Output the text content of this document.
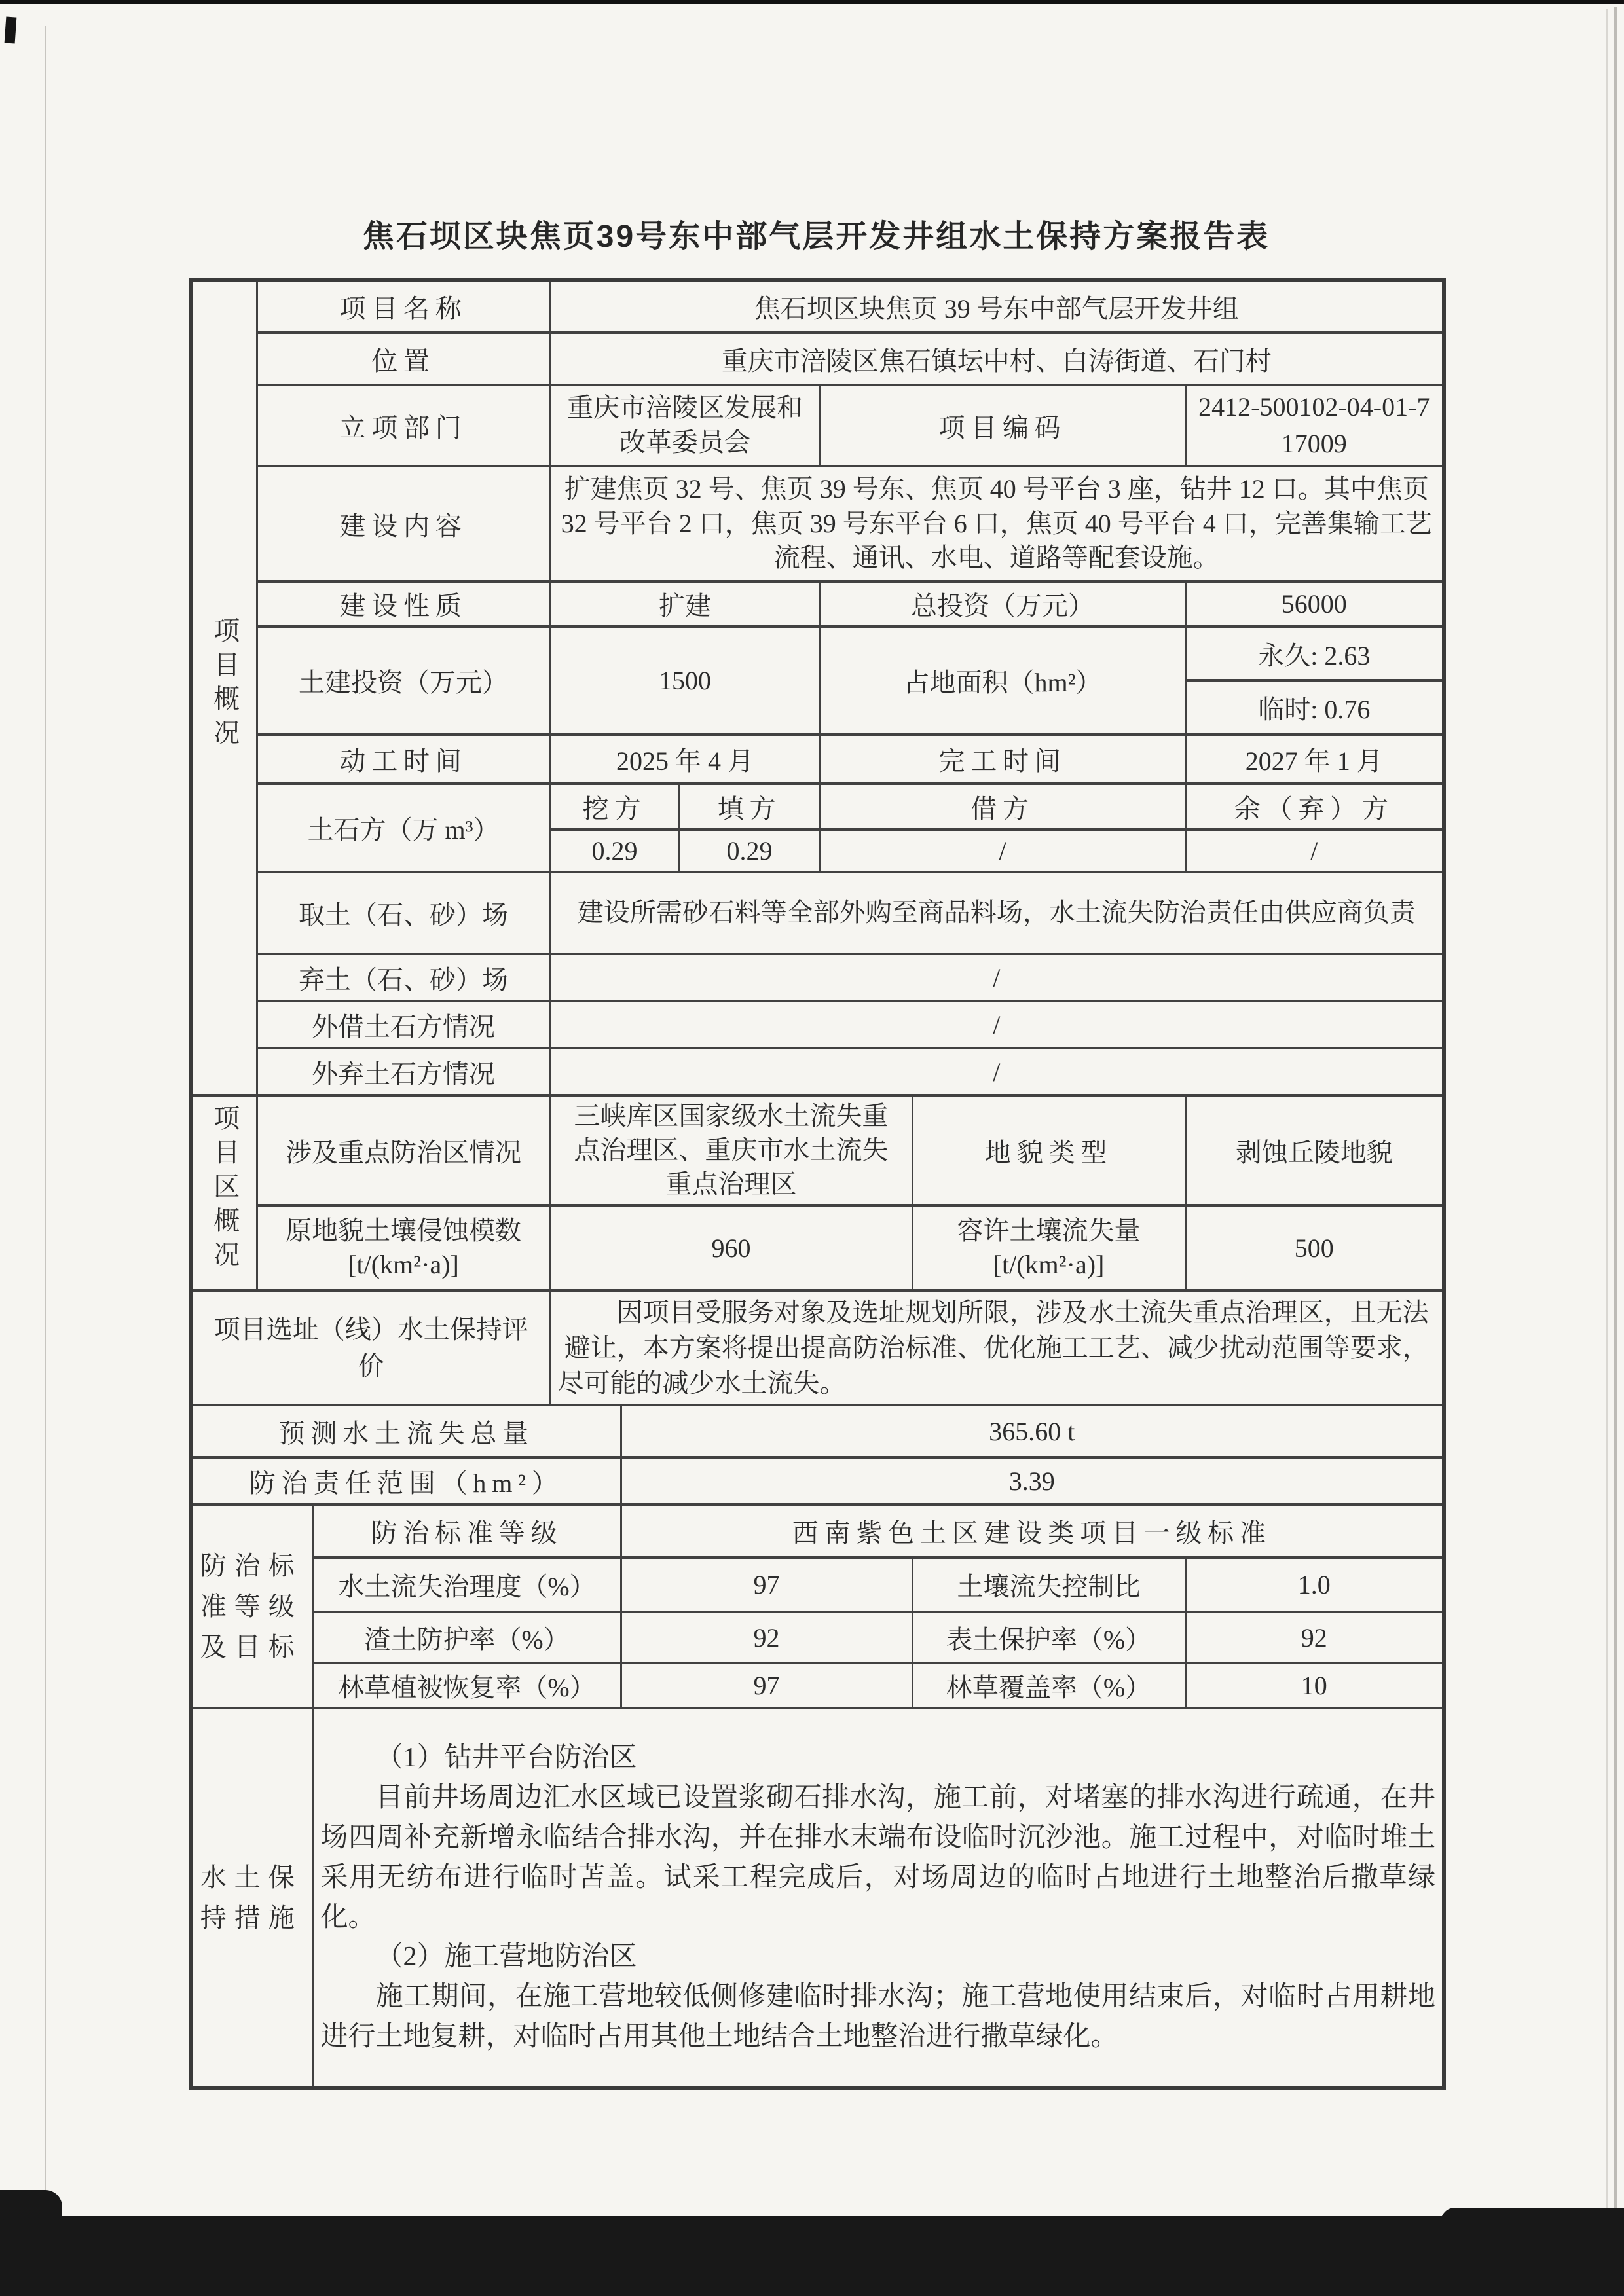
焦石坝区块焦页39号东中部气层开发井组水土保持方案报告表
项目概况	项目名称		焦石坝区块焦页 39 号东中部气层开发井组					
	位置		重庆市涪陵区焦石镇坛中村、白涛街道、石门村					
	立项部门		重庆市涪陵区发展和改革委员会			项目编码		2412-500102-04-01-717009
	建设内容		扩建焦页 32 号、焦页 39 号东、焦页 40 号平台 3 座，钻井 12 口。其中焦页 32 号平台 2 口，焦页 39 号东平台 6 口，焦页 40 号平台 4 口，完善集输工艺流程、通讯、水电、道路等配套设施。					
	建设性质		扩建			总投资（万元）		56000
	土建投资（万元）		1500			占地面积（hm²）		永久: 2.63
								临时: 0.76
	动工时间		2025 年 4 月			完工时间		2027 年 1 月
	土石方（万 m³）		挖方		填方	借方		余（弃）方
			0.29		0.29	/		/
	取土（石、砂）场		建设所需砂石料等全部外购至商品料场，水土流失防治责任由供应商负责					
	弃土（石、砂）场		/					
	外借土石方情况		/					
	外弃土石方情况		/					
项目区概况	涉及重点防治区情况		三峡库区国家级水土流失重点治理区、重庆市水土流失重点治理区				地貌类型	剥蚀丘陵地貌
	原地貌土壤侵蚀模数[t/(km²·a)]		960				容许土壤流失量 [t/(km²·a)]	500
项目选址（线）水土保持评价			因项目受服务对象及选址规划所限，涉及水土流失重点治理区，且无法避让，本方案将提出提高防治标准、优化施工工艺、减少扰动范围等要求，尽可能的减少水土流失。					
预测水土流失总量				365.60 t				
防治责任范围（hm²）				3.39				
防治标准等级及目标		防治标准等级		西南紫色土区建设类项目一级标准				
		水土流失治理度（%）		97			土壤流失控制比	1.0
		渣土防护率（%）		92			表土保护率（%）	92
		林草植被恢复率（%）		97			林草覆盖率（%）	10
水土保持措施		（1）钻井平台防治区

目前井场周边汇水区域已设置浆砌石排水沟，施工前，对堵塞的排水沟进行疏通，在井场四周补充新增永临结合排水沟，并在排水末端布设临时沉沙池。施工过程中，对临时堆土采用无纺布进行临时苫盖。试采工程完成后，对场周边的临时占地进行土地整治后撒草绿化。

（2）施工营地防治区

施工期间，在施工营地较低侧修建临时排水沟；施工营地使用结束后，对临时占用耕地进行土地复耕，对临时占用其他土地结合土地整治进行撒草绿化。						
